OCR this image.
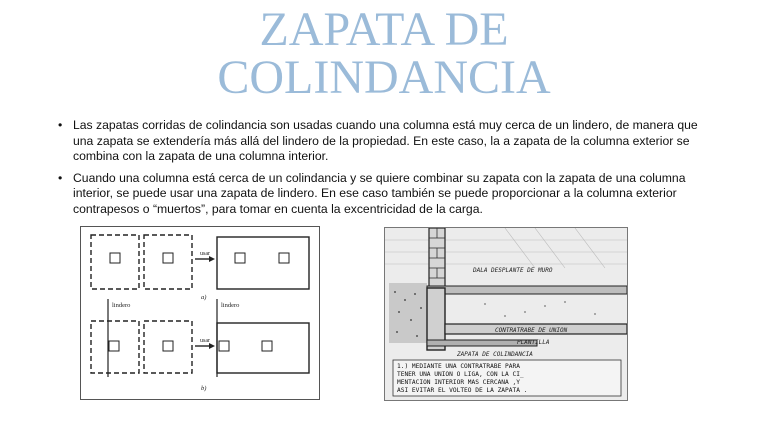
ZAPATA DE
COLINDANCIA
• Las zapatas corridas de colindancia son usadas cuando una columna está muy cerca de un lindero, de manera que una zapata se extendería más allá del lindero de la propiedad. En este caso, la a zapata de la columna exterior se combina con la zapata de una columna interior.
• Cuando una columna está cerca de un colindancia y se quiere combinar su zapata con la zapata de una columna interior, se puede usar una zapata de lindero. En ese caso también se puede proporcionar a la columna exterior contrapesos o “muertos”, para tomar en cuenta la excentricidad de la carga.
usar
usar
a)
b)
lindero	lindero
DALA DESPLANTE DE MURO
CONTRATRABE DE UNION
PLANTILLA
ZAPATA DE COLINDANCIA
1.) MEDIANTE UNA CONTRATRABE PARA
TENER UNA UNION O LIGA, CON LA CI_
MENTACION INTERIOR MAS CERCANA ,Y
ASI EVITAR EL VOLTEO DE LA ZAPATA .
